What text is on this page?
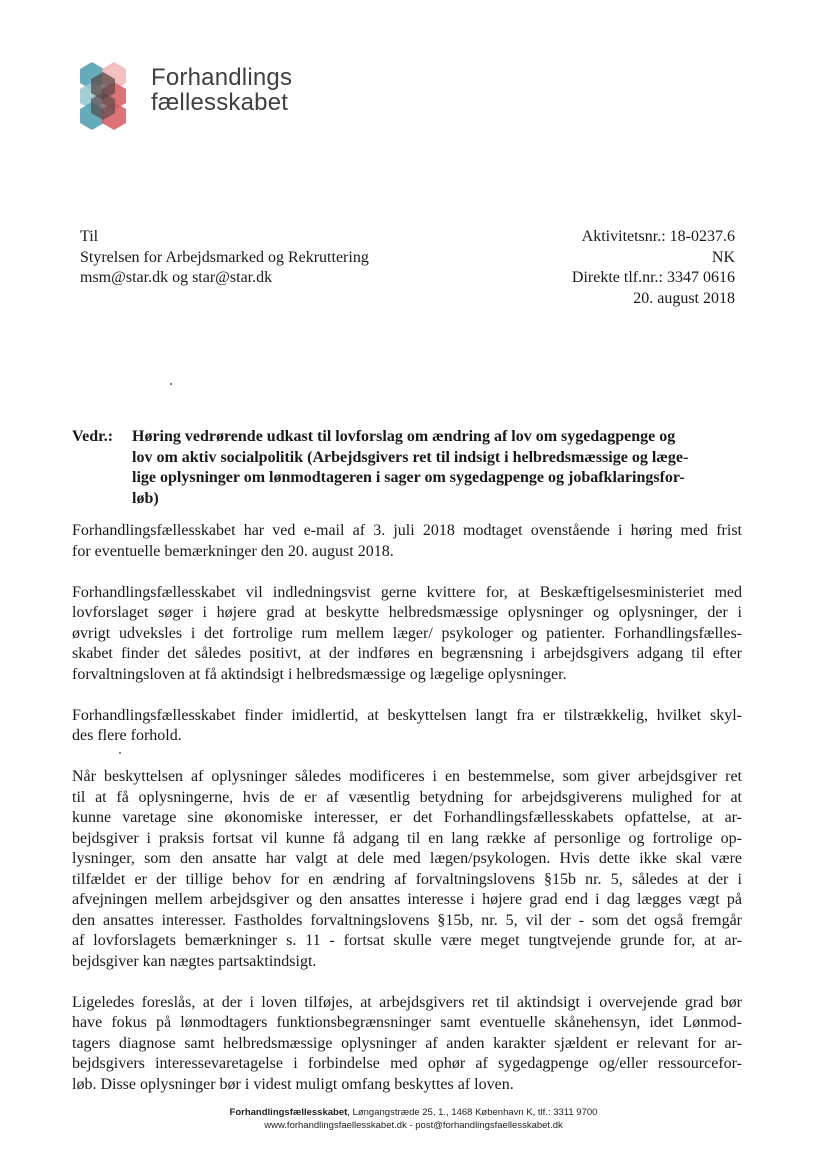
Forhandlings
fællesskabet
Til
Styrelsen for Arbejdsmarked og Rekruttering
msm@star.dk og star@star.dk
Aktivitetsnr.: 18-0237.6
NK
Direkte tlf.nr.: 3347 0616
20. august 2018
Vedr.: Høring vedrørende udkast til lovforslag om ændring af lov om sygedagpenge og
lov om aktiv socialpolitik (Arbejdsgivers ret til indsigt i helbredsmæssige og læge-
lige oplysninger om lønmodtageren i sager om sygedagpenge og jobafklaringsfor-
løb)
Forhandlingsfællesskabet har ved e-mail af 3. juli 2018 modtaget ovenstående i høring med frist
for eventuelle bemærkninger den 20. august 2018.
Forhandlingsfællesskabet vil indledningsvist gerne kvittere for, at Beskæftigelsesministeriet med
lovforslaget søger i højere grad at beskytte helbredsmæssige oplysninger og oplysninger, der i
øvrigt udveksles i det fortrolige rum mellem læger/ psykologer og patienter. Forhandlingsfælles-
skabet finder det således positivt, at der indføres en begrænsning i arbejdsgivers adgang til efter
forvaltningsloven at få aktindsigt i helbredsmæssige og lægelige oplysninger.
Forhandlingsfællesskabet finder imidlertid, at beskyttelsen langt fra er tilstrækkelig, hvilket skyl-
des flere forhold.
Når beskyttelsen af oplysninger således modificeres i en bestemmelse, som giver arbejdsgiver ret
til at få oplysningerne, hvis de er af væsentlig betydning for arbejdsgiverens mulighed for at
kunne varetage sine økonomiske interesser, er det Forhandlingsfællesskabets opfattelse, at ar-
bejdsgiver i praksis fortsat vil kunne få adgang til en lang række af personlige og fortrolige op-
lysninger, som den ansatte har valgt at dele med lægen/psykologen. Hvis dette ikke skal være
tilfældet er der tillige behov for en ændring af forvaltningslovens §15b nr. 5, således at der i
afvejningen mellem arbejdsgiver og den ansattes interesse i højere grad end i dag lægges vægt på
den ansattes interesser. Fastholdes forvaltningslovens §15b, nr. 5, vil der - som det også fremgår
af lovforslagets bemærkninger s. 11 - fortsat skulle være meget tungtvejende grunde for, at ar-
bejdsgiver kan nægtes partsaktindsigt.
Ligeledes foreslås, at der i loven tilføjes, at arbejdsgivers ret til aktindsigt i overvejende grad bør
have fokus på lønmodtagers funktionsbegrænsninger samt eventuelle skånehensyn, idet Lønmod-
tagers diagnose samt helbredsmæssige oplysninger af anden karakter sjældent er relevant for ar-
bejdsgivers interessevaretagelse i forbindelse med ophør af sygedagpenge og/eller ressourcefor-
løb. Disse oplysninger bør i videst muligt omfang beskyttes af loven.
Forhandlingsfællesskabet, Løngangstræde 25, 1., 1468 København K, tlf.: 3311 9700
www.forhandlingsfaellesskabet.dk - post@forhandlingsfaellesskabet.dk
